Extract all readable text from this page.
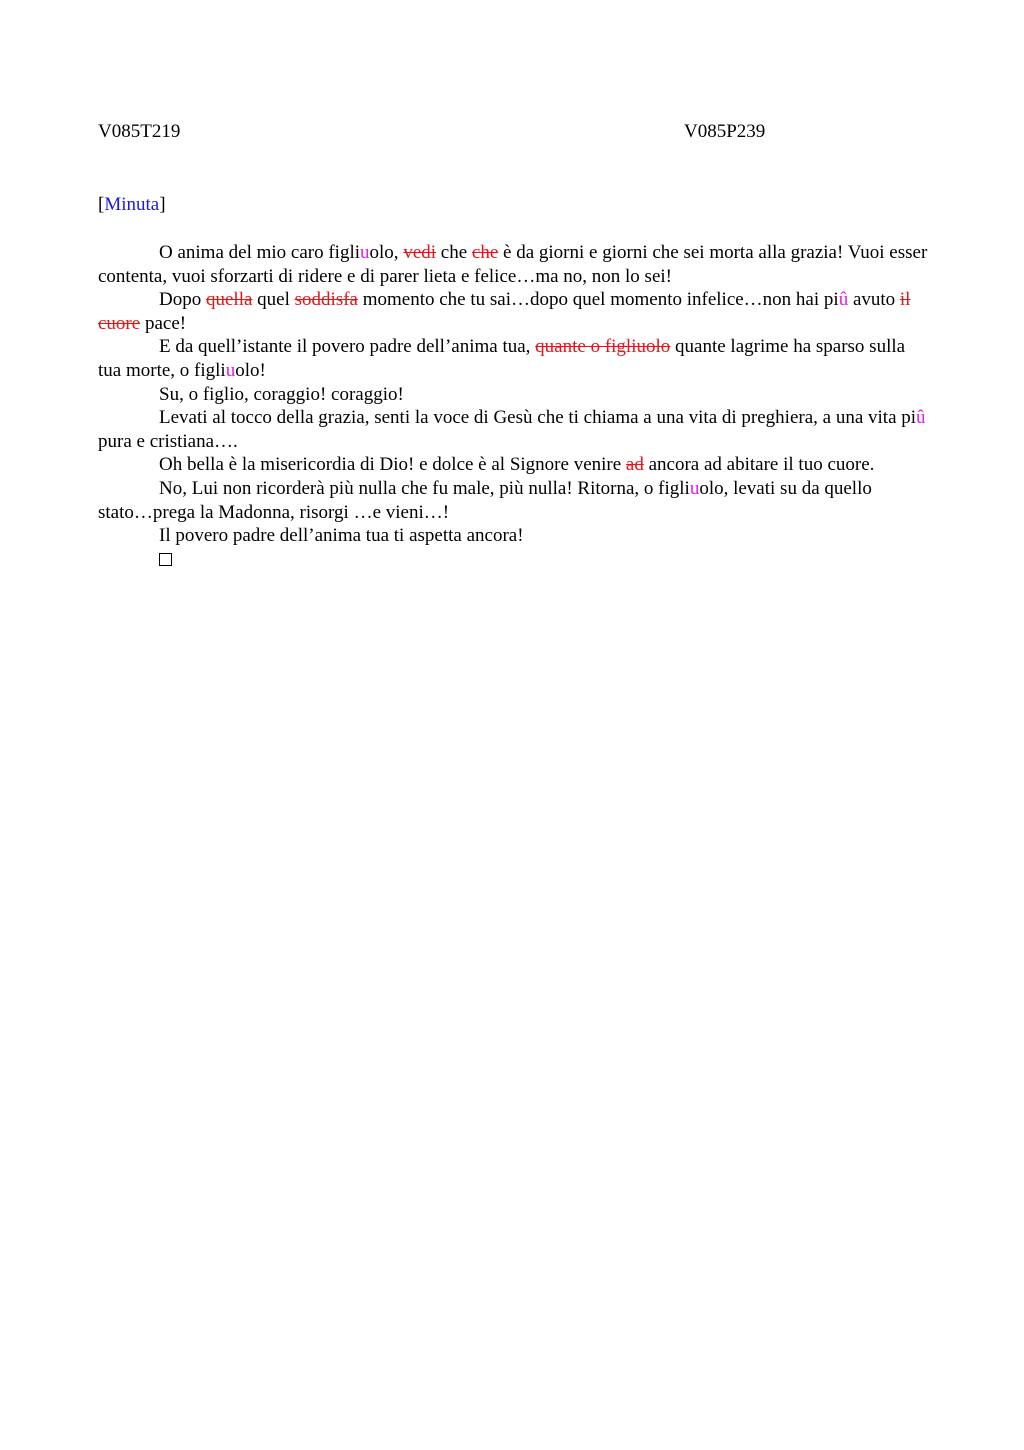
V085T219	V085P239
[Minuta]

O anima del mio caro figliuolo, vedi che che è da giorni e giorni che sei morta alla grazia! Vuoi esser contenta, vuoi sforzarti di ridere e di parer lieta e felice…ma no, non lo sei!

Dopo quella quel soddisfa momento che tu sai…dopo quel momento infelice…non hai piû avuto il cuore pace!

E da quell’istante il povero padre dell’anima tua, quante o figliuolo quante lagrime ha sparso sulla tua morte, o figliuolo!

Su, o figlio, coraggio! coraggio!

Levati al tocco della grazia, senti la voce di Gesù che ti chiama a una vita di preghiera, a una vita piû pura e cristiana….

Oh bella è la misericordia di Dio! e dolce è al Signore venire ad ancora ad abitare il tuo cuore.

No, Lui non ricorderà più nulla che fu male, più nulla! Ritorna, o figliuolo, levati su da quello stato…prega la Madonna, risorgi …e vieni…!

Il povero padre dell’anima tua ti aspetta ancora!
